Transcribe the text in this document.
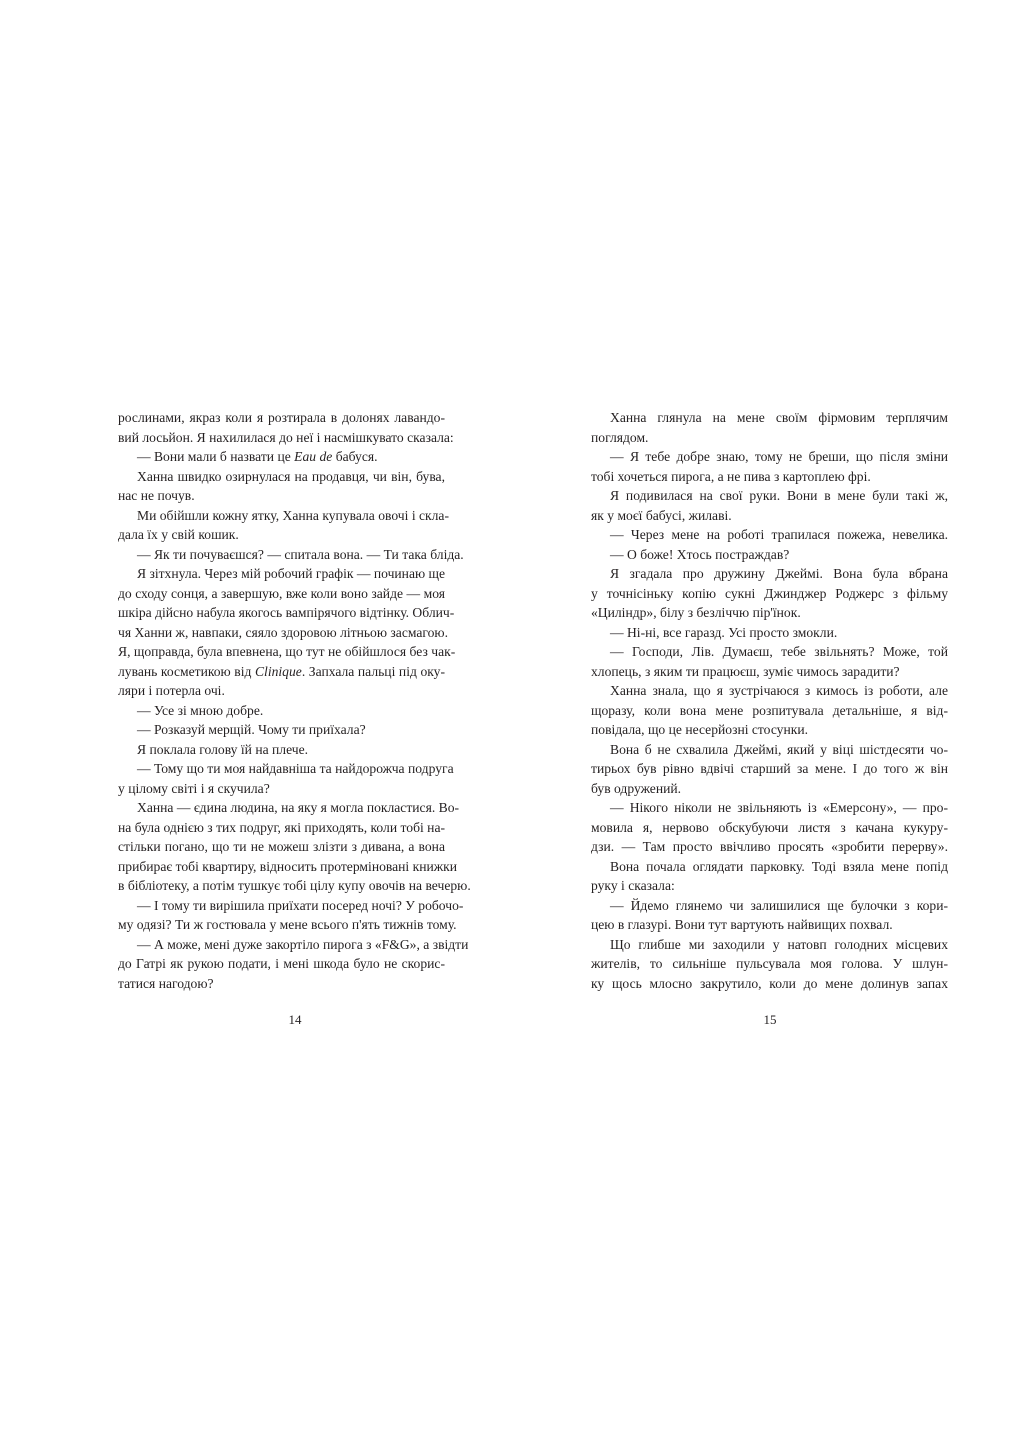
рослинами, якраз коли я розтирала в долонях лавандо-
вий лосьйон. Я нахилилася до неї і насмішкувато сказала:
— Вони мали б назвати це Eau de бабуся.
Ханна швидко озирнулася на продавця, чи він, бува,
нас не почув.
Ми обійшли кожну ятку, Ханна купувала овочі і скла-
дала їх у свій кошик.
— Як ти почуваєшся? — спитала вона. — Ти така бліда.
Я зітхнула. Через мій робочий графік — починаю ще
до сходу сонця, а завершую, вже коли воно зайде — моя
шкіра дійсно набула якогось вампірячого відтінку. Облич-
чя Ханни ж, навпаки, сяяло здоровою літньою засмагою.
Я, щоправда, була впевнена, що тут не обійшлося без чак-
лувань косметикою від Clinique. Запхала пальці під оку-
ляри і потерла очі.
— Усе зі мною добре.
— Розказуй мерщій. Чому ти приїхала?
Я поклала голову їй на плече.
— Тому що ти моя найдавніша та найдорожча подруга
у цілому світі і я скучила?
Ханна — єдина людина, на яку я могла покластися. Во-
на була однією з тих подруг, які приходять, коли тобі на-
стільки погано, що ти не можеш злізти з дивана, а вона
прибирає тобі квартиру, відносить протерміновані книжки
в бібліотеку, а потім тушкує тобі цілу купу овочів на вечерю.
— І тому ти вирішила приїхати посеред ночі? У робочо-
му одязі? Ти ж гостювала у мене всього п'ять тижнів тому.
— А може, мені дуже закортіло пирога з «F&G», а звідти
до Гатрі як рукою подати, і мені шкода було не скорис-
татися нагодою?
Ханна глянула на мене своїм фірмовим терплячим
поглядом.
— Я тебе добре знаю, тому не бреши, що після зміни
тобі хочеться пирога, а не пива з картоплею фрі.
Я подивилася на свої руки. Вони в мене були такі ж,
як у моєї бабусі, жилаві.
— Через мене на роботі трапилася пожежа, невелика.
— О боже! Хтось постраждав?
Я згадала про дружину Джеймі. Вона була вбрана
у точнісіньку копію сукні Джинджер Роджерс з фільму
«Циліндр», білу з безліччю пір'їнок.
— Ні-ні, все гаразд. Усі просто змокли.
— Господи, Лів. Думаєш, тебе звільнять? Може, той
хлопець, з яким ти працюєш, зуміє чимось зарадити?
Ханна знала, що я зустрічаюся з кимось із роботи, але
щоразу, коли вона мене розпитувала детальніше, я від-
повідала, що це несерйозні стосунки.
Вона б не схвалила Джеймі, який у віці шістдесяти чо-
тирьох був рівно вдвічі старший за мене. І до того ж він
був одружений.
— Нікого ніколи не звільняють із «Емерсону», — про-
мовила я, нервово обскубуючи листя з качана кукуру-
дзи. — Там просто ввічливо просять «зробити перерву».
Вона почала оглядати парковку. Тоді взяла мене попід
руку і сказала:
— Йдемо глянемо чи залишилися ще булочки з кори-
цею в глазурі. Вони тут вартують найвищих похвал.
Що глибше ми заходили у натовп голодних місцевих
жителів, то сильніше пульсувала моя голова. У шлун-
ку щось млосно закрутило, коли до мене долинув запах
14	15
